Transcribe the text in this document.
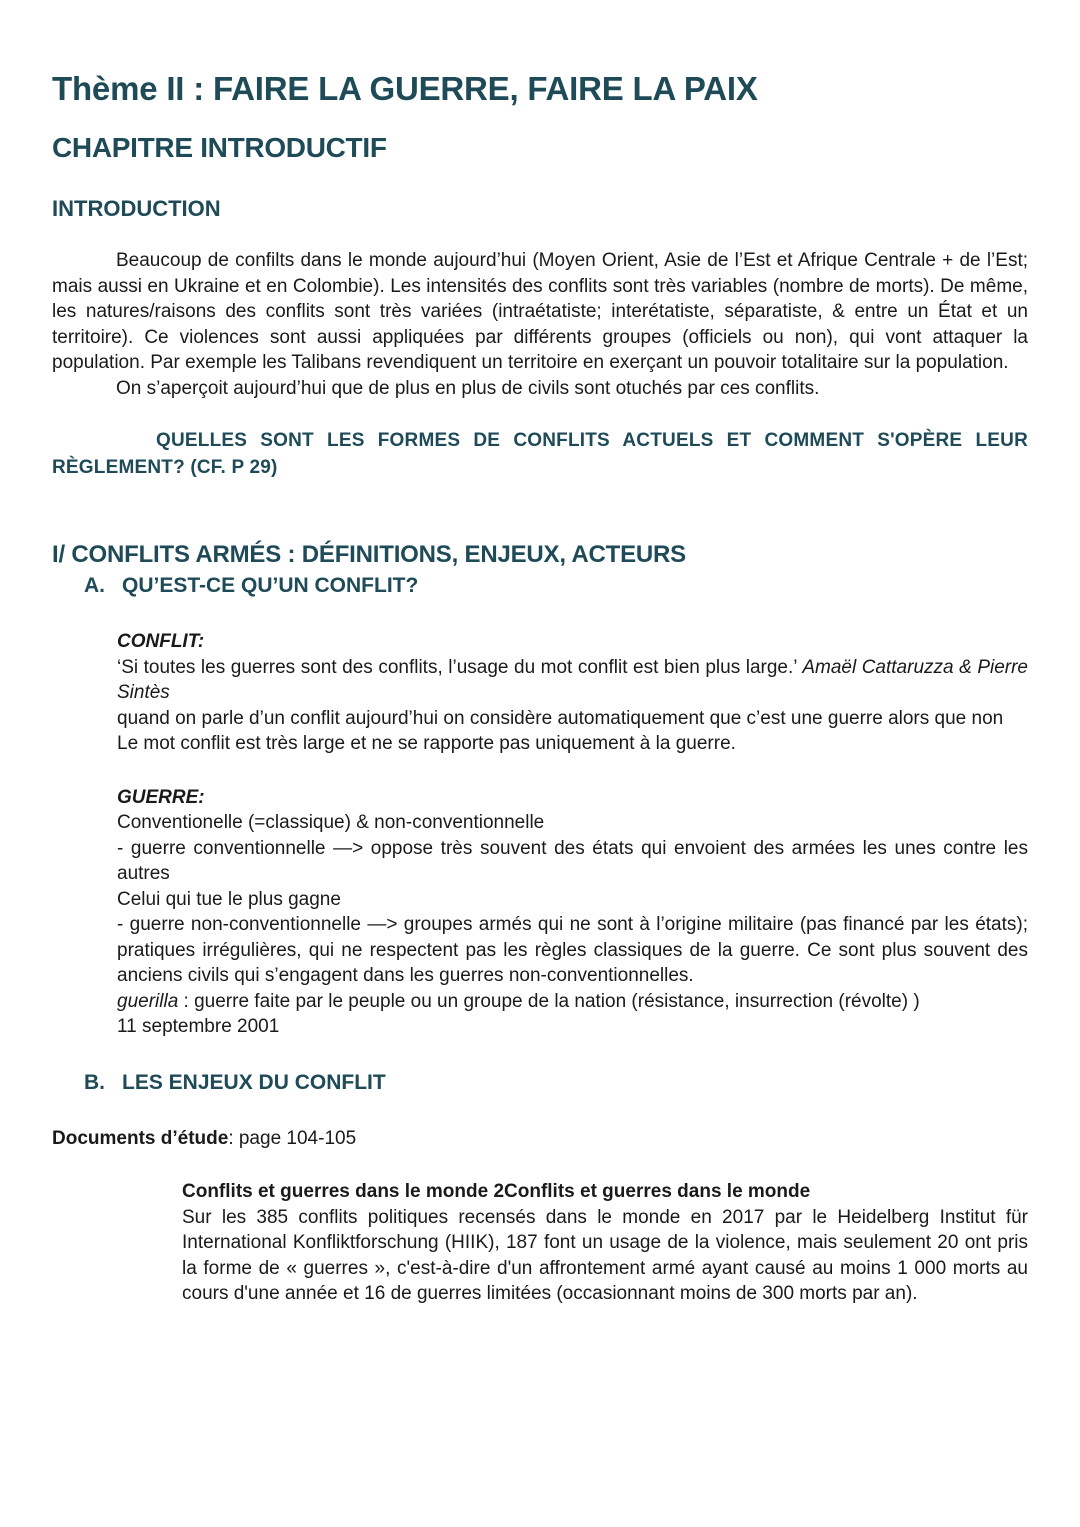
Thème II : FAIRE LA GUERRE, FAIRE LA PAIX
CHAPITRE INTRODUCTIF
INTRODUCTION

Beaucoup de confilts dans le monde aujourd’hui (Moyen Orient, Asie de l’Est et Afrique Centrale + de l’Est; mais aussi en Ukraine et en Colombie). Les intensités des conflits sont très variables (nombre de morts). De même, les natures/raisons des conflits sont très variées (intraétatiste; interétatiste, séparatiste, & entre un État et un territoire). Ce violences sont aussi appliquées par différents groupes (officiels ou non), qui vont attaquer la population. Par exemple les Talibans revendiquent un territoire en exerçant un pouvoir totalitaire sur la population.

On s’aperçoit aujourd’hui que de plus en plus de civils sont otuchés par ces conflits.

QUELLES SONT LES FORMES DE CONFLITS ACTUELS ET COMMENT S'OPÈRE LEUR RÈGLEMENT? (CF. P 29)

I/ CONFLITS ARMÉS : DÉFINITIONS, ENJEUX, ACTEURS
A. QU’EST-CE QU’UN CONFLIT?

CONFLIT:

‘Si toutes les guerres sont des conflits, l’usage du mot conflit est bien plus large.’ Amaël Cattaruzza & Pierre Sintès

quand on parle d’un conflit aujourd’hui on considère automatiquement que c’est une guerre alors que non

Le mot conflit est très large et ne se rapporte pas uniquement à la guerre.

GUERRE:

Conventionelle (=classique) & non-conventionnelle

- guerre conventionnelle —> oppose très souvent des états qui envoient des armées les unes contre les autres

Celui qui tue le plus gagne

- guerre non-conventionnelle —> groupes armés qui ne sont à l’origine militaire (pas financé par les états); pratiques irrégulières, qui ne respectent pas les règles classiques de la guerre. Ce sont plus souvent des anciens civils qui s’engagent dans les guerres non-conventionnelles.

guerilla : guerre faite par le peuple ou un groupe de la nation (résistance, insurrection (révolte) )

11 septembre 2001

B. LES ENJEUX DU CONFLIT

Documents d’étude: page 104-105

Conflits et guerres dans le monde 2Conflits et guerres dans le monde

Sur les 385 conflits politiques recensés dans le monde en 2017 par le Heidelberg Institut für International Konfliktforschung (HIIK), 187 font un usage de la violence, mais seulement 20 ont pris la forme de « guerres », c'est-à-dire d'un affrontement armé ayant causé au moins 1 000 morts au cours d'une année et 16 de guerres limitées (occasionnant moins de 300 morts par an).
